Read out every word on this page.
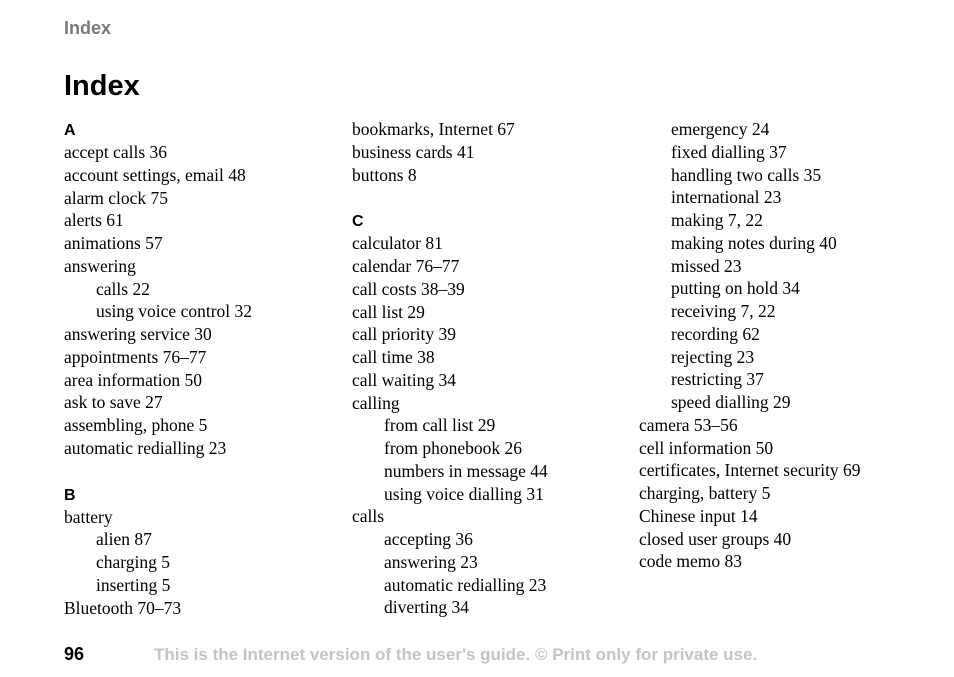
Index
Index
A
accept calls 36
account settings, email 48
alarm clock 75
alerts 61
animations 57
answering
calls 22
using voice control 32
answering service 30
appointments 76–77
area information 50
ask to save 27
assembling, phone 5
automatic redialling 23
B
battery
alien 87
charging 5
inserting 5
Bluetooth 70–73
bookmarks, Internet 67
business cards 41
buttons 8
C
calculator 81
calendar 76–77
call costs 38–39
call list 29
call priority 39
call time 38
call waiting 34
calling
from call list 29
from phonebook 26
numbers in message 44
using voice dialling 31
calls
accepting 36
answering 23
automatic redialling 23
diverting 34
emergency 24
fixed dialling 37
handling two calls 35
international 23
making 7, 22
making notes during 40
missed 23
putting on hold 34
receiving 7, 22
recording 62
rejecting 23
restricting 37
speed dialling 29
camera 53–56
cell information 50
certificates, Internet security 69
charging, battery 5
Chinese input 14
closed user groups 40
code memo 83
96	This is the Internet version of the user's guide. © Print only for private use.
